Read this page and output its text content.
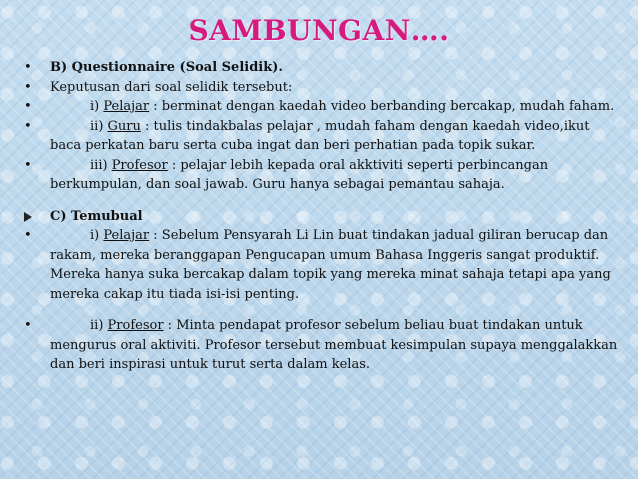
SAMBUNGAN….
•	B) Questionnaire (Soal Selidik).
•	Keputusan dari soal selidik tersebut:
•	i) Pelajar : berminat dengan kaedah video berbanding bercakap, mudah faham.
•	ii) Guru : tulis tindakbalas pelajar , mudah faham dengan kaedah video,ikut baca perkatan baru serta cuba ingat dan beri perhatian pada topik sukar.
•	iii) Profesor : pelajar lebih kepada oral akktiviti seperti perbincangan berkumpulan, dan soal jawab. Guru hanya sebagai pemantau sahaja.
C) Temubual
•	i) Pelajar : Sebelum Pensyarah Li Lin buat tindakan jadual giliran berucap dan rakam, mereka beranggapan Pengucapan umum Bahasa Inggeris sangat produktif. Mereka hanya suka bercakap dalam topik yang mereka minat sahaja tetapi apa yang mereka cakap itu tiada isi-isi penting.
•	ii) Profesor : Minta pendapat profesor sebelum beliau buat tindakan untuk mengurus oral aktiviti. Profesor tersebut membuat kesimpulan supaya menggalakkan dan beri inspirasi untuk turut serta dalam kelas.
